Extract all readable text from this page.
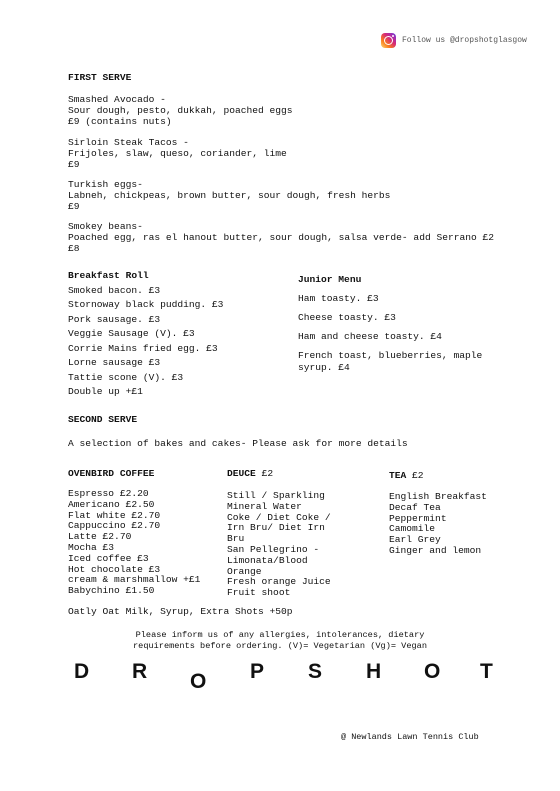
Follow us @dropshotglasgow
FIRST SERVE
Smashed Avocado -
Sour dough, pesto, dukkah, poached eggs
£9 (contains nuts)
Sirloin Steak Tacos -
Frijoles, slaw, queso, coriander, lime
£9
Turkish eggs-
Labneh, chickpeas, brown butter, sour dough, fresh herbs
£9
Smokey beans-
Poached egg, ras el hanout butter, sour dough, salsa verde- add Serrano £2
£8
Breakfast Roll
Smoked bacon. £3
Stornoway black pudding. £3
Pork sausage. £3
Veggie Sausage (V). £3
Corrie Mains fried egg. £3
Lorne sausage £3
Tattie scone (V). £3
Double up +£1
Junior Menu
Ham toasty. £3
Cheese toasty. £3
Ham and cheese toasty. £4
French toast, blueberries, maple
syrup. £4
SECOND SERVE
A selection of bakes and cakes- Please ask for more details
OVENBIRD COFFEE
Espresso £2.20
Americano £2.50
Flat white £2.70
Cappuccino £2.70
Latte £2.70
Mocha £3
Iced coffee £3
Hot chocolate £3
cream & marshmallow +£1
Babychino £1.50
Oatly Oat Milk, Syrup, Extra Shots +50p
DEUCE £2
Still / Sparkling
Mineral Water
Coke / Diet Coke /
Irn Bru/ Diet Irn
Bru
San Pellegrino -
Limonata/Blood
Orange
Fresh orange Juice
Fruit shoot
TEA £2
English Breakfast
Decaf Tea
Peppermint
Camomile
Earl Grey
Ginger and lemon
Please inform us of any allergies, intolerances, dietary
requirements before ordering. (V)= Vegetarian (Vg)= Vegan
D R O P S H O T
@ Newlands Lawn Tennis Club
